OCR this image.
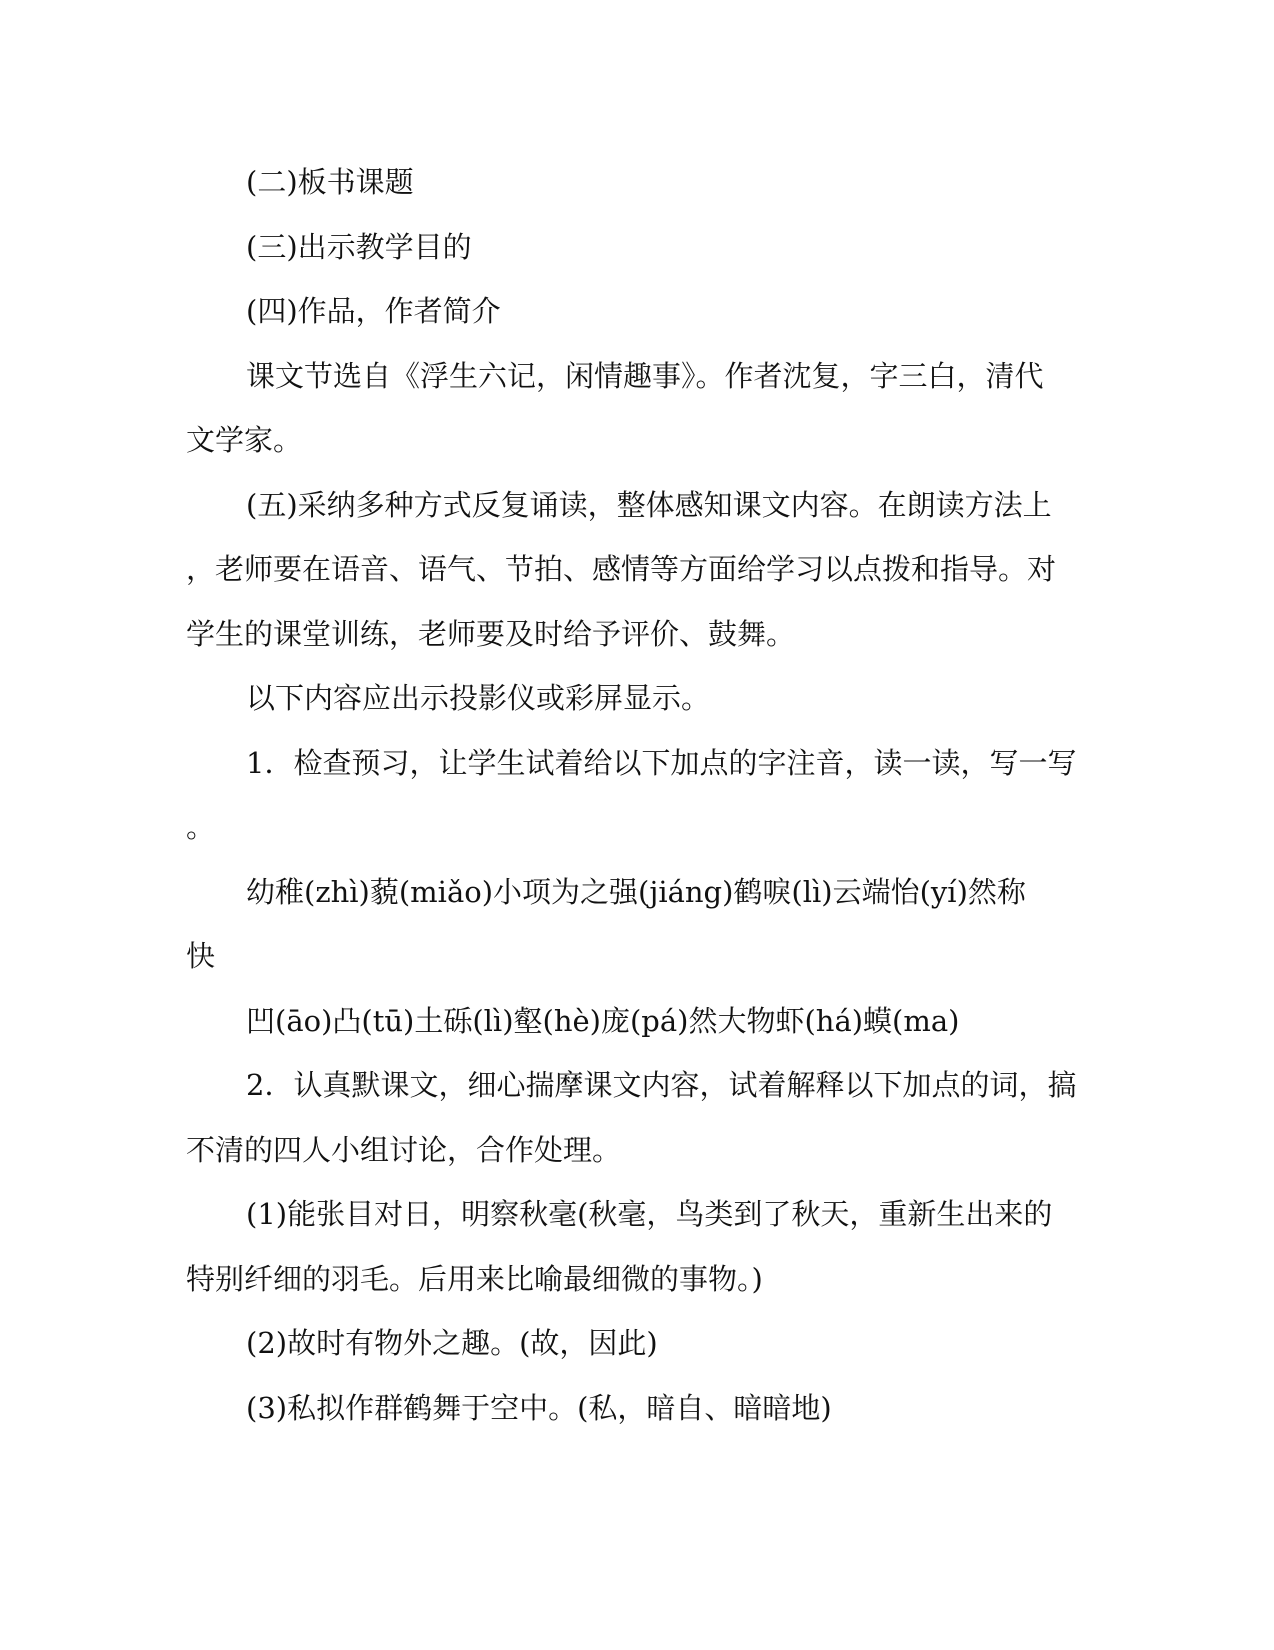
(二)板书课题
(三)出示教学目的
(四)作品，作者简介
课文节选自《浮生六记，闲情趣事》。作者沈复，字三白，清代
文学家。
(五)采纳多种方式反复诵读，整体感知课文内容。在朗读方法上
，老师要在语音、语气、节拍、感情等方面给学习以点拨和指导。对
学生的课堂训练，老师要及时给予评价、鼓舞。
以下内容应出示投影仪或彩屏显示。
1．检查预习，让学生试着给以下加点的字注音，读一读，写一写
。
幼稚(zhì)藐(miǎo)小项为之强(jiáng)鹤唳(lì)云端怡(yí)然称
快
凹(āo)凸(tū)土砾(lì)壑(hè)庞(pá)然大物虾(há)蟆(ma)
2．认真默课文，细心揣摩课文内容，试着解释以下加点的词，搞
不清的四人小组讨论，合作处理。
(1)能张目对日，明察秋毫(秋毫，鸟类到了秋天，重新生出来的
特别纤细的羽毛。后用来比喻最细微的事物。)
(2)故时有物外之趣。(故，因此)
(3)私拟作群鹤舞于空中。(私，暗自、暗暗地)
